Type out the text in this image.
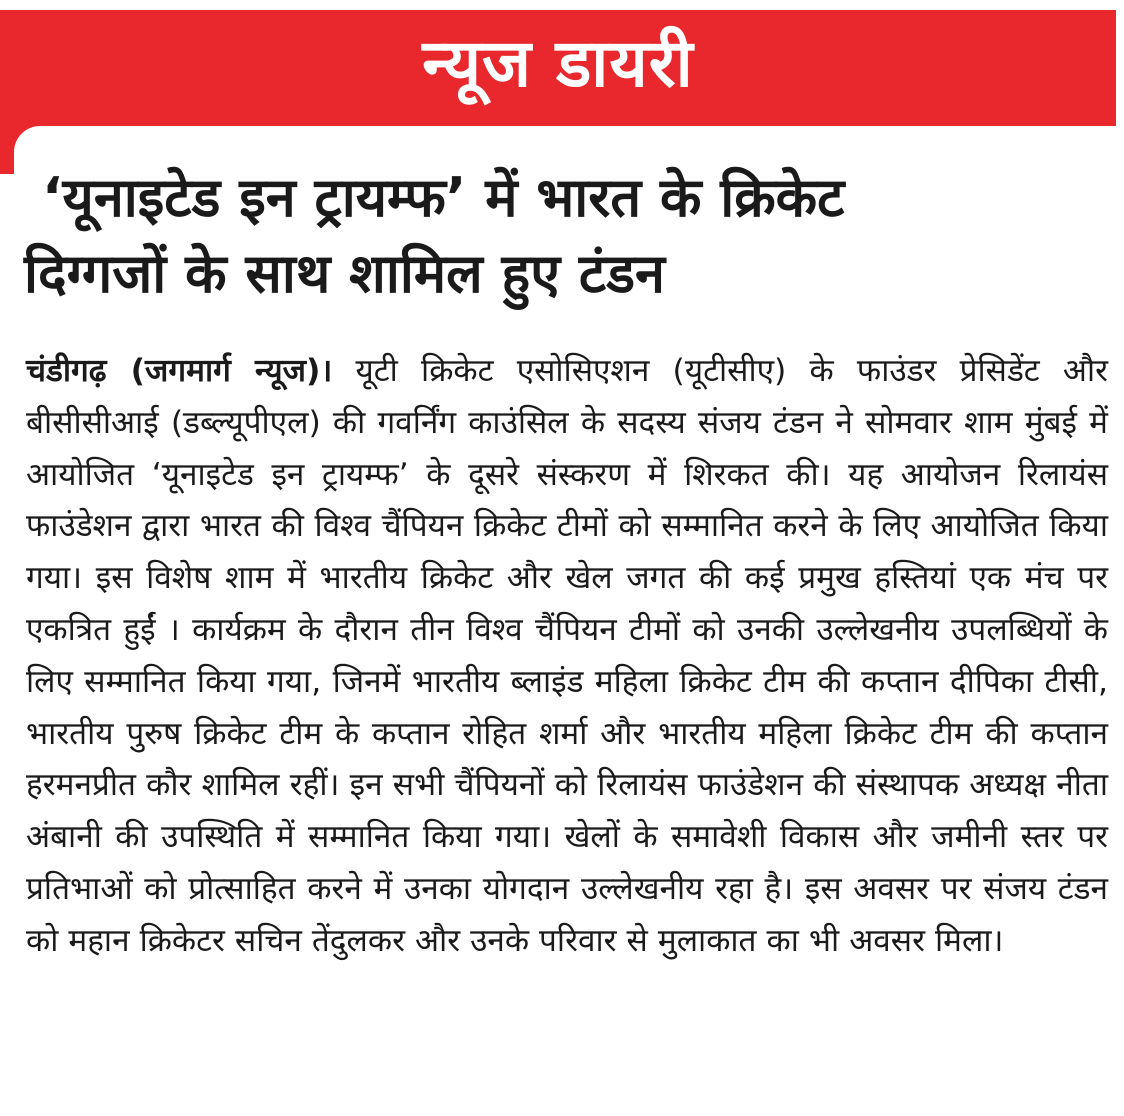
न्यूज डायरी
‘यूनाइटेड इन ट्रायम्फ’ में भारत के क्रिकेट
दिग्गजों के साथ शामिल हुए टंडन
चंडीगढ़ (जगमार्ग न्यूज)। यूटी क्रिकेट एसोसिएशन (यूटीसीए) के फाउंडर प्रेसिडेंट और बीसीसीआई (डब्ल्यूपीएल) की गवर्निंग काउंसिल के सदस्य संजय टंडन ने सोमवार शाम मुंबई में आयोजित ‘यूनाइटेड इन ट्रायम्फ’ के दूसरे संस्करण में शिरकत की। यह आयोजन रिलायंस फाउंडेशन द्वारा भारत की विश्व चैंपियन क्रिकेट टीमों को सम्मानित करने के लिए आयोजित किया गया। इस विशेष शाम में भारतीय क्रिकेट और खेल जगत की कई प्रमुख हस्तियां एक मंच पर एकत्रित हुईं । कार्यक्रम के दौरान तीन विश्व चैंपियन टीमों को उनकी उल्लेखनीय उपलब्धियों के लिए सम्मानित किया गया, जिनमें भारतीय ब्लाइंड महिला क्रिकेट टीम की कप्तान दीपिका टीसी, भारतीय पुरुष क्रिकेट टीम के कप्तान रोहित शर्मा और भारतीय महिला क्रिकेट टीम की कप्तान हरमनप्रीत कौर शामिल रहीं। इन सभी चैंपियनों को रिलायंस फाउंडेशन की संस्थापक अध्यक्ष नीता अंबानी की उपस्थिति में सम्मानित किया गया। खेलों के समावेशी विकास और जमीनी स्तर पर प्रतिभाओं को प्रोत्साहित करने में उनका योगदान उल्लेखनीय रहा है। इस अवसर पर संजय टंडन को महान क्रिकेटर सचिन तेंदुलकर और उनके परिवार से मुलाकात का भी अवसर मिला।
